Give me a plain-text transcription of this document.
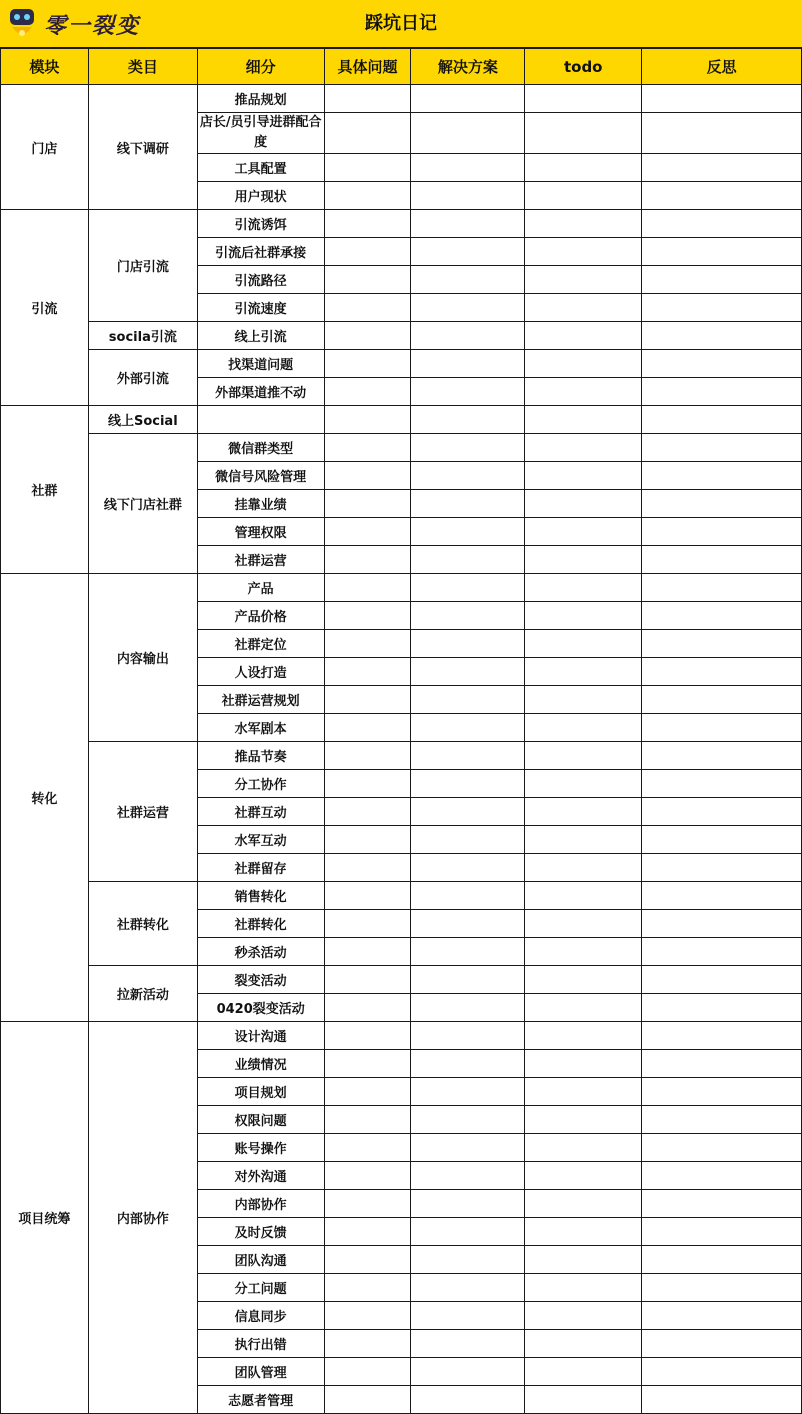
零一裂变	踩坑日记
模块	类目	细分	具体问题	解决方案	todo	反思
门店	线下调研	推品规划				
		店长/员引导进群配合度				
		工具配置				
		用户现状				
引流	门店引流	引流诱饵				
		引流后社群承接				
		引流路径				
		引流速度				
	socila引流	线上引流				
	外部引流	找渠道问题				
		外部渠道推不动				
社群	线上Social					
	线下门店社群	微信群类型				
		微信号风险管理				
		挂靠业绩				
		管理权限				
		社群运营				
转化	内容输出	产品				
		产品价格				
		社群定位				
		人设打造				
		社群运营规划				
		水军剧本				
	社群运营	推品节奏				
		分工协作				
		社群互动				
		水军互动				
		社群留存				
	社群转化	销售转化				
		社群转化				
		秒杀活动				
	拉新活动	裂变活动				
		0420裂变活动				
项目统筹	内部协作	设计沟通				
		业绩情况				
		项目规划				
		权限问题				
		账号操作				
		对外沟通				
		内部协作				
		及时反馈				
		团队沟通				
		分工问题				
		信息同步				
		执行出错				
		团队管理				
		志愿者管理				
